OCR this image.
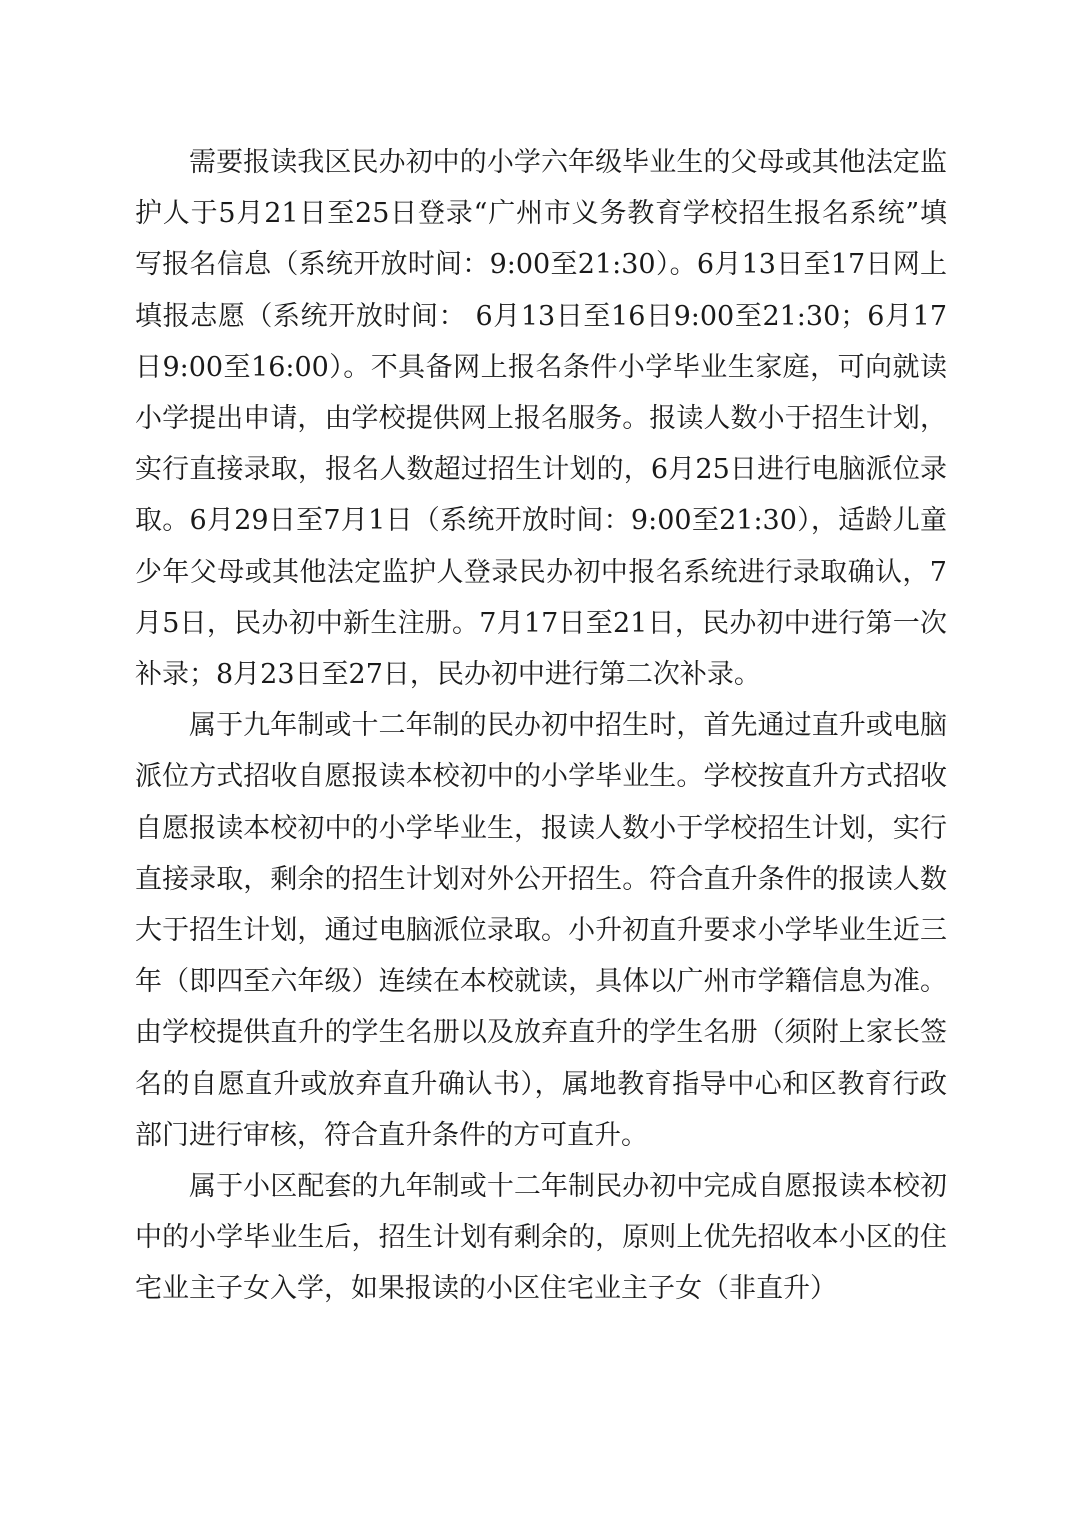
需要报读我区民办初中的小学六年级毕业生的父母或其他法定监护人于5月21日至25日登录“广州市义务教育学校招生报名系统”填写报名信息（系统开放时间：9:00至21:30）。6月13日至17日网上填报志愿（系统开放时间： 6月13日至16日9:00至21:30；6月17日9:00至16:00）。不具备网上报名条件小学毕业生家庭，可向就读小学提出申请，由学校提供网上报名服务。报读人数小于招生计划，实行直接录取，报名人数超过招生计划的，6月25日进行电脑派位录取。6月29日至7月1日（系统开放时间：9:00至21:30），适龄儿童少年父母或其他法定监护人登录民办初中报名系统进行录取确认，7月5日，民办初中新生注册。7月17日至21日，民办初中进行第一次补录；8月23日至27日，民办初中进行第二次补录。

属于九年制或十二年制的民办初中招生时，首先通过直升或电脑派位方式招收自愿报读本校初中的小学毕业生。学校按直升方式招收自愿报读本校初中的小学毕业生，报读人数小于学校招生计划，实行直接录取，剩余的招生计划对外公开招生。符合直升条件的报读人数大于招生计划，通过电脑派位录取。小升初直升要求小学毕业生近三年（即四至六年级）连续在本校就读，具体以广州市学籍信息为准。由学校提供直升的学生名册以及放弃直升的学生名册（须附上家长签名的自愿直升或放弃直升确认书），属地教育指导中心和区教育行政部门进行审核，符合直升条件的方可直升。

属于小区配套的九年制或十二年制民办初中完成自愿报读本校初中的小学毕业生后，招生计划有剩余的，原则上优先招收本小区的住宅业主子女入学，如果报读的小区住宅业主子女（非直升）
